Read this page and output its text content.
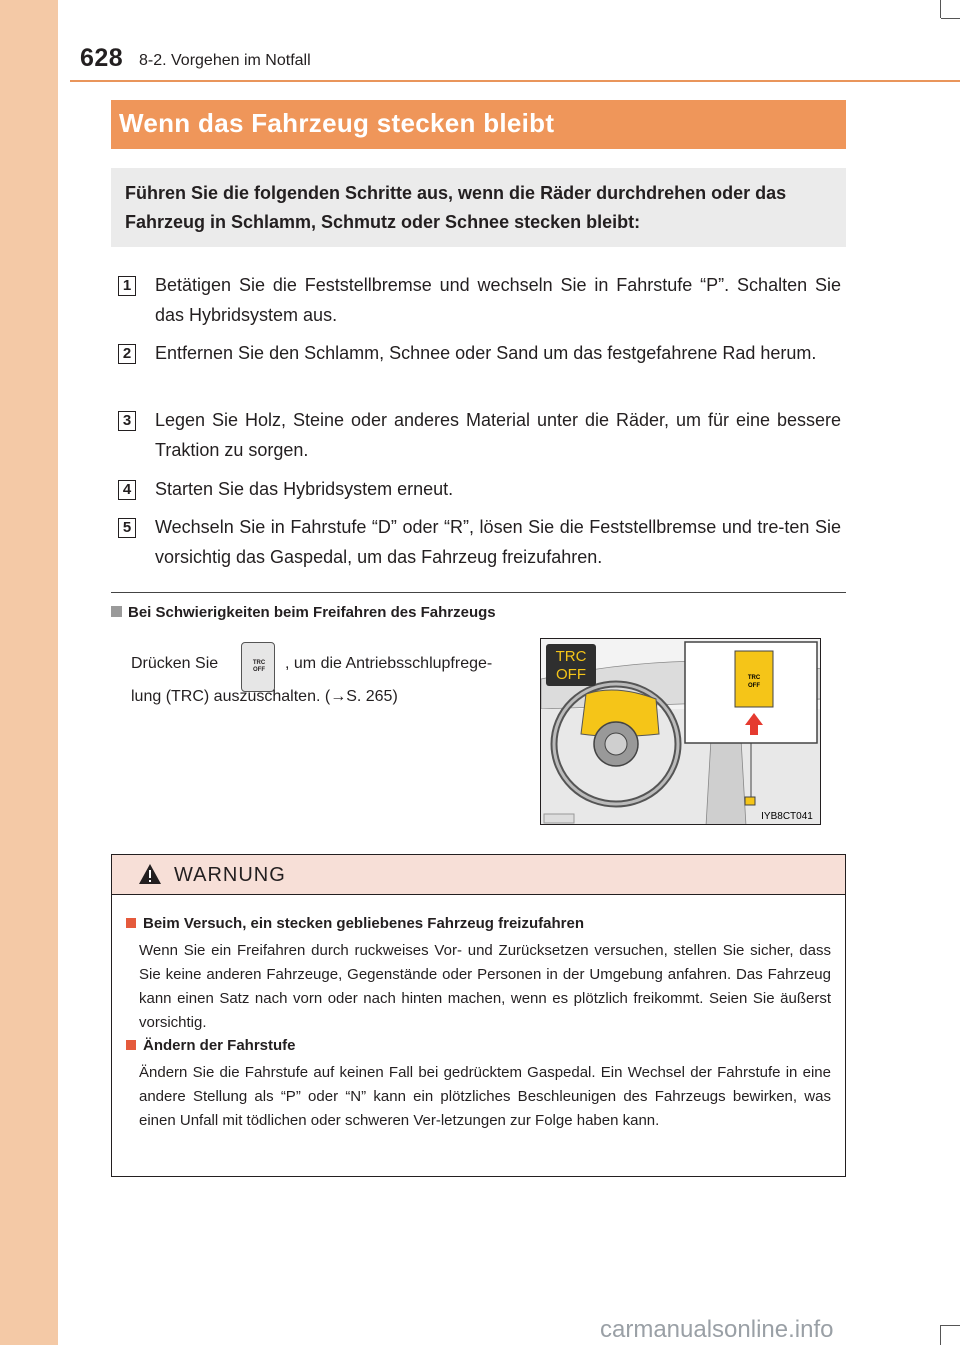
628 8-2. Vorgehen im Notfall
Wenn das Fahrzeug stecken bleibt
Führen Sie die folgenden Schritte aus, wenn die Räder durchdrehen oder das Fahrzeug in Schlamm, Schmutz oder Schnee stecken bleibt:
1 Betätigen Sie die Feststellbremse und wechseln Sie in Fahrstufe “P”. Schalten Sie das Hybridsystem aus.
2 Entfernen Sie den Schlamm, Schnee oder Sand um das festgefahrene Rad herum.
3 Legen Sie Holz, Steine oder anderes Material unter die Räder, um für eine bessere Traktion zu sorgen.
4 Starten Sie das Hybridsystem erneut.
5 Wechseln Sie in Fahrstufe “D” oder “R”, lösen Sie die Feststellbremse und tre-ten Sie vorsichtig das Gaspedal, um das Fahrzeug freizufahren.
Bei Schwierigkeiten beim Freifahren des Fahrzeugs
Drücken Sie	TRC OFF	, um die Antriebsschlupfrege-
lung (TRC) auszuschalten. (→S. 265)
TRC
OFF	TRC
OFF
IYB8CT041
WARNUNG
Beim Versuch, ein stecken gebliebenes Fahrzeug freizufahren
Wenn Sie ein Freifahren durch ruckweises Vor- und Zurücksetzen versuchen, stellen Sie sicher, dass Sie keine anderen Fahrzeuge, Gegenstände oder Personen in der Umgebung anfahren. Das Fahrzeug kann einen Satz nach vorn oder nach hinten machen, wenn es plötzlich freikommt. Seien Sie äußerst vorsichtig.
Ändern der Fahrstufe
Ändern Sie die Fahrstufe auf keinen Fall bei gedrücktem Gaspedal. Ein Wechsel der Fahrstufe in eine andere Stellung als “P” oder “N” kann ein plötzliches Beschleunigen des Fahrzeugs bewirken, was einen Unfall mit tödlichen oder schweren Ver-letzungen zur Folge haben kann.
carmanualsonline.info
